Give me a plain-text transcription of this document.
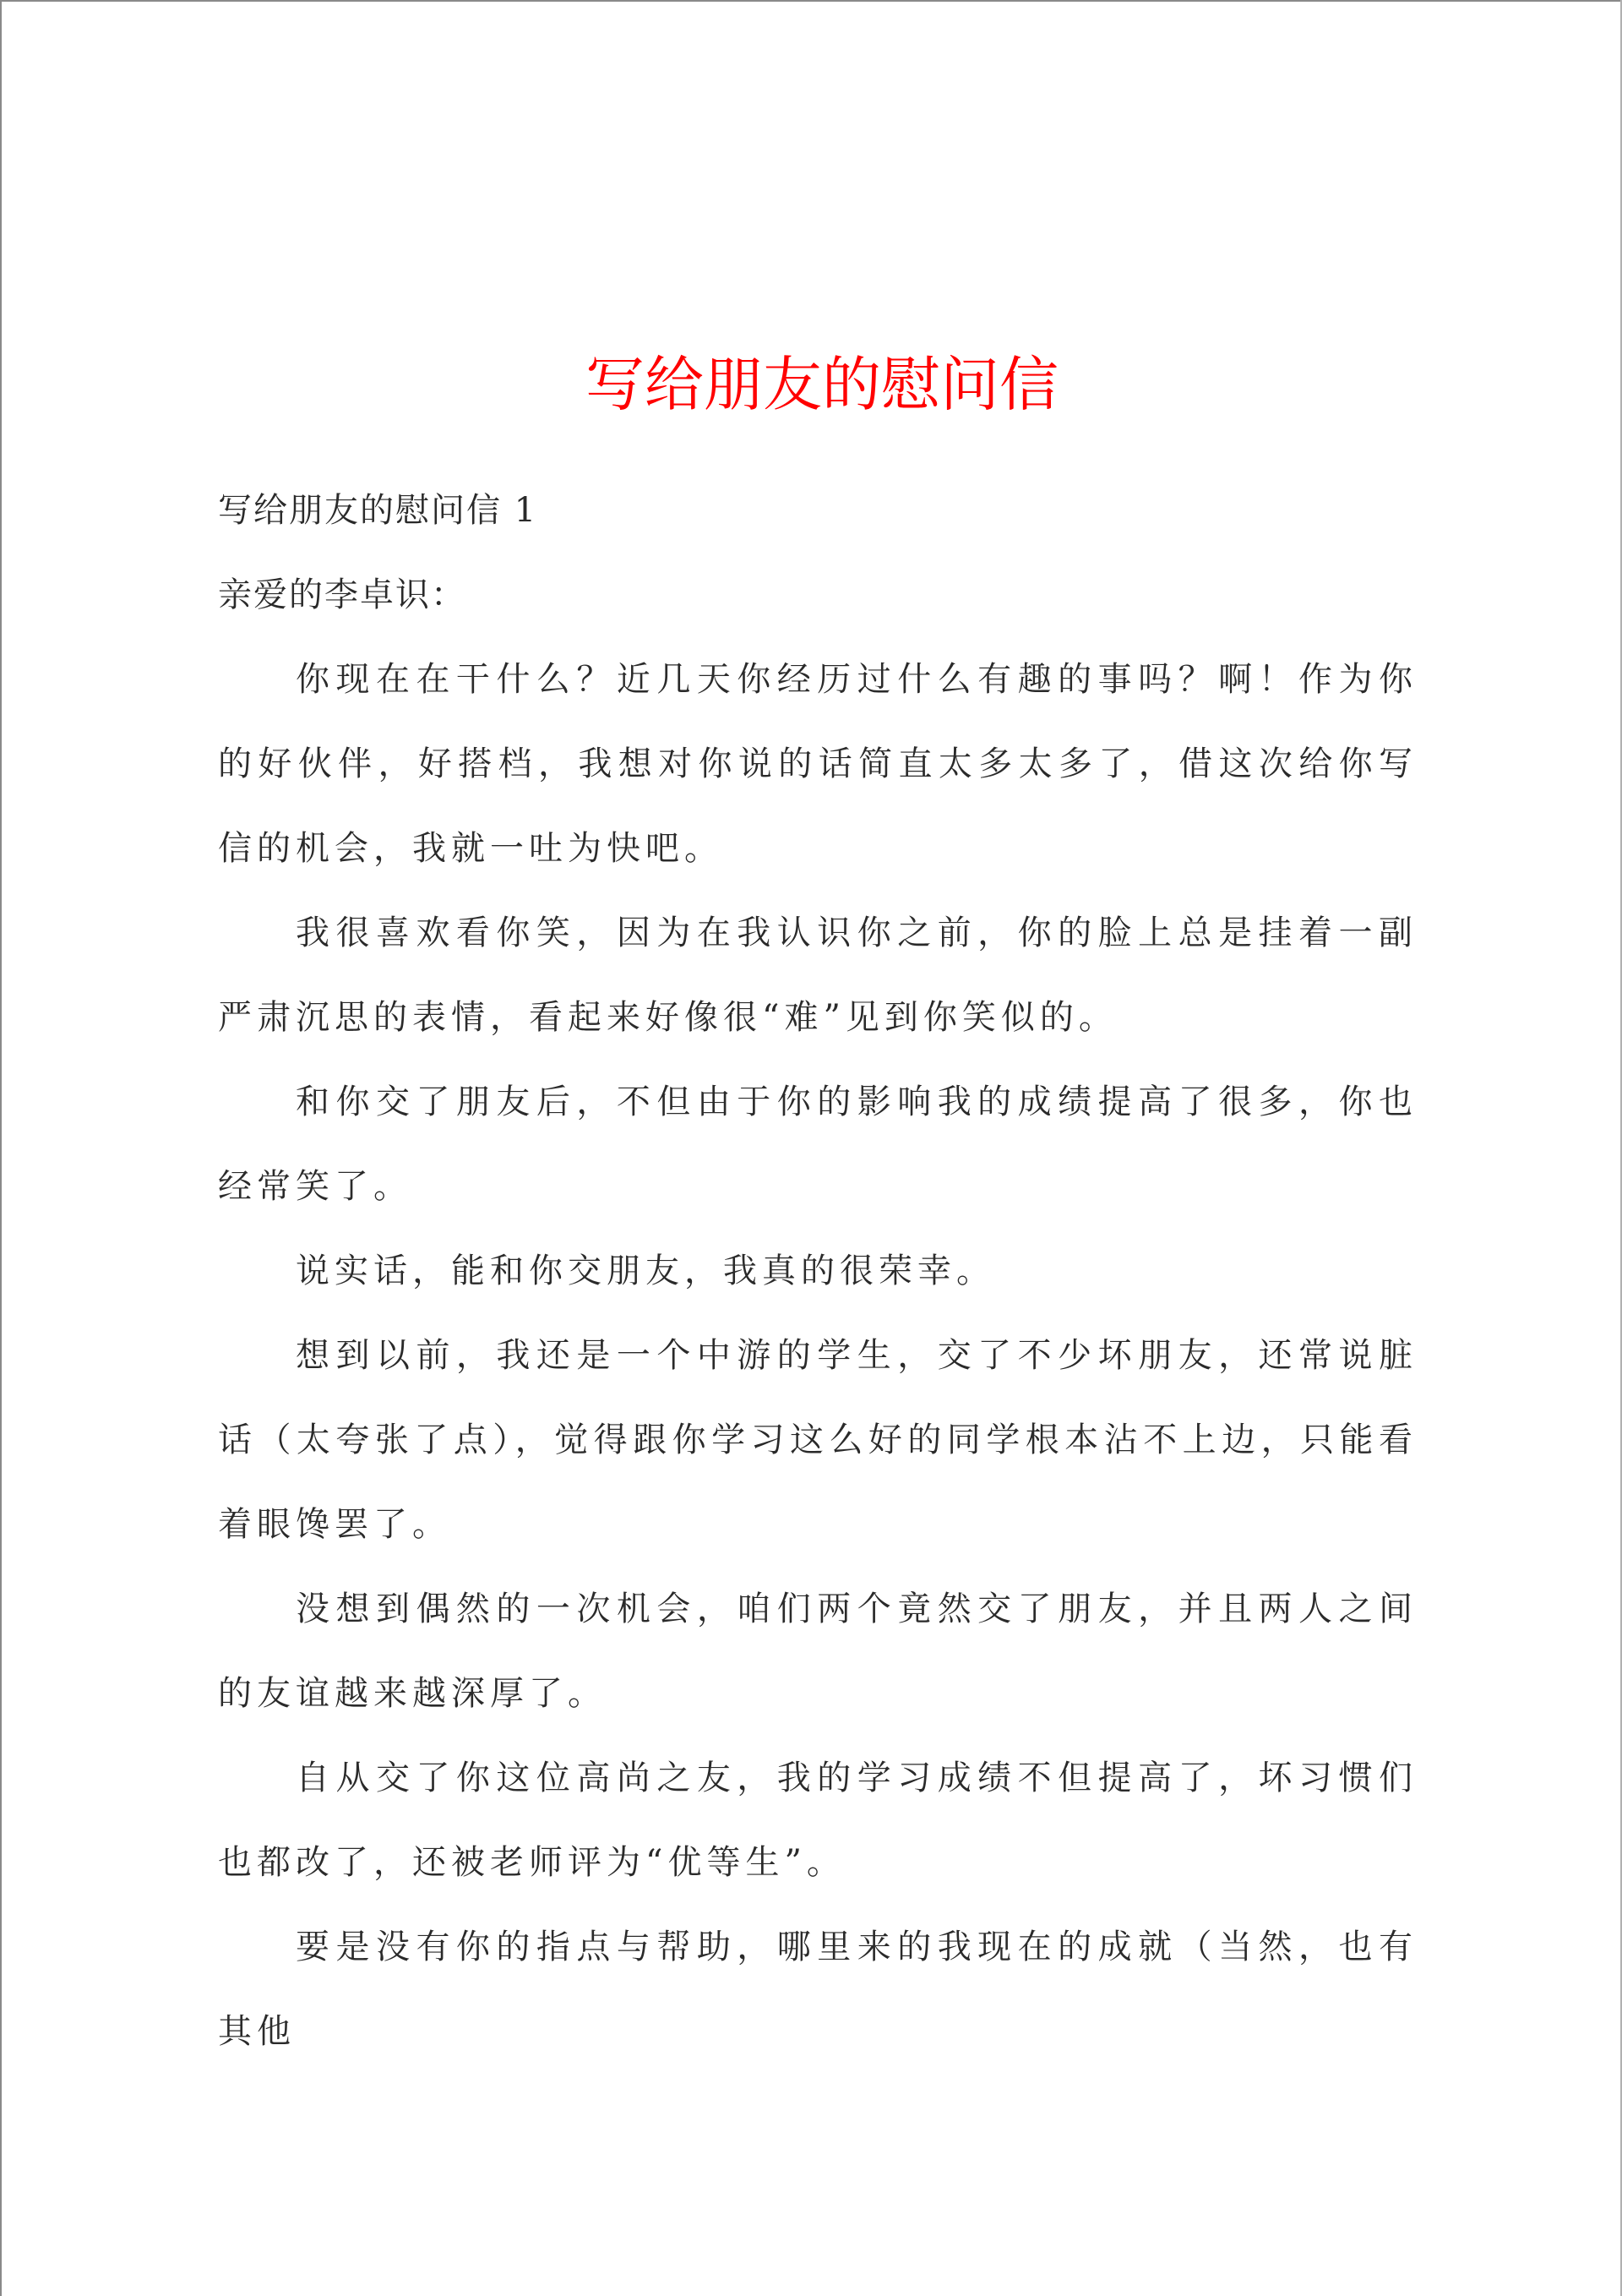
写给朋友的慰问信

写给朋友的慰问信 1

亲爱的李卓识：

你现在在干什么？近几天你经历过什么有趣的事吗？啊！作为你的好伙伴，好搭档，我想对你说的话简直太多太多了，借这次给你写信的机会，我就一吐为快吧。

我很喜欢看你笑，因为在我认识你之前，你的脸上总是挂着一副严肃沉思的表情，看起来好像很“难”见到你笑似的。

和你交了朋友后，不但由于你的影响我的成绩提高了很多，你也经常笑了。

说实话，能和你交朋友，我真的很荣幸。

想到以前，我还是一个中游的学生，交了不少坏朋友，还常说脏话（太夸张了点），觉得跟你学习这么好的同学根本沾不上边，只能看着眼馋罢了。

没想到偶然的一次机会，咱们两个竟然交了朋友，并且两人之间的友谊越来越深厚了。

自从交了你这位高尚之友，我的学习成绩不但提高了，坏习惯们也都改了，还被老师评为“优等生”。

要是没有你的指点与帮助，哪里来的我现在的成就（当然，也有其他
